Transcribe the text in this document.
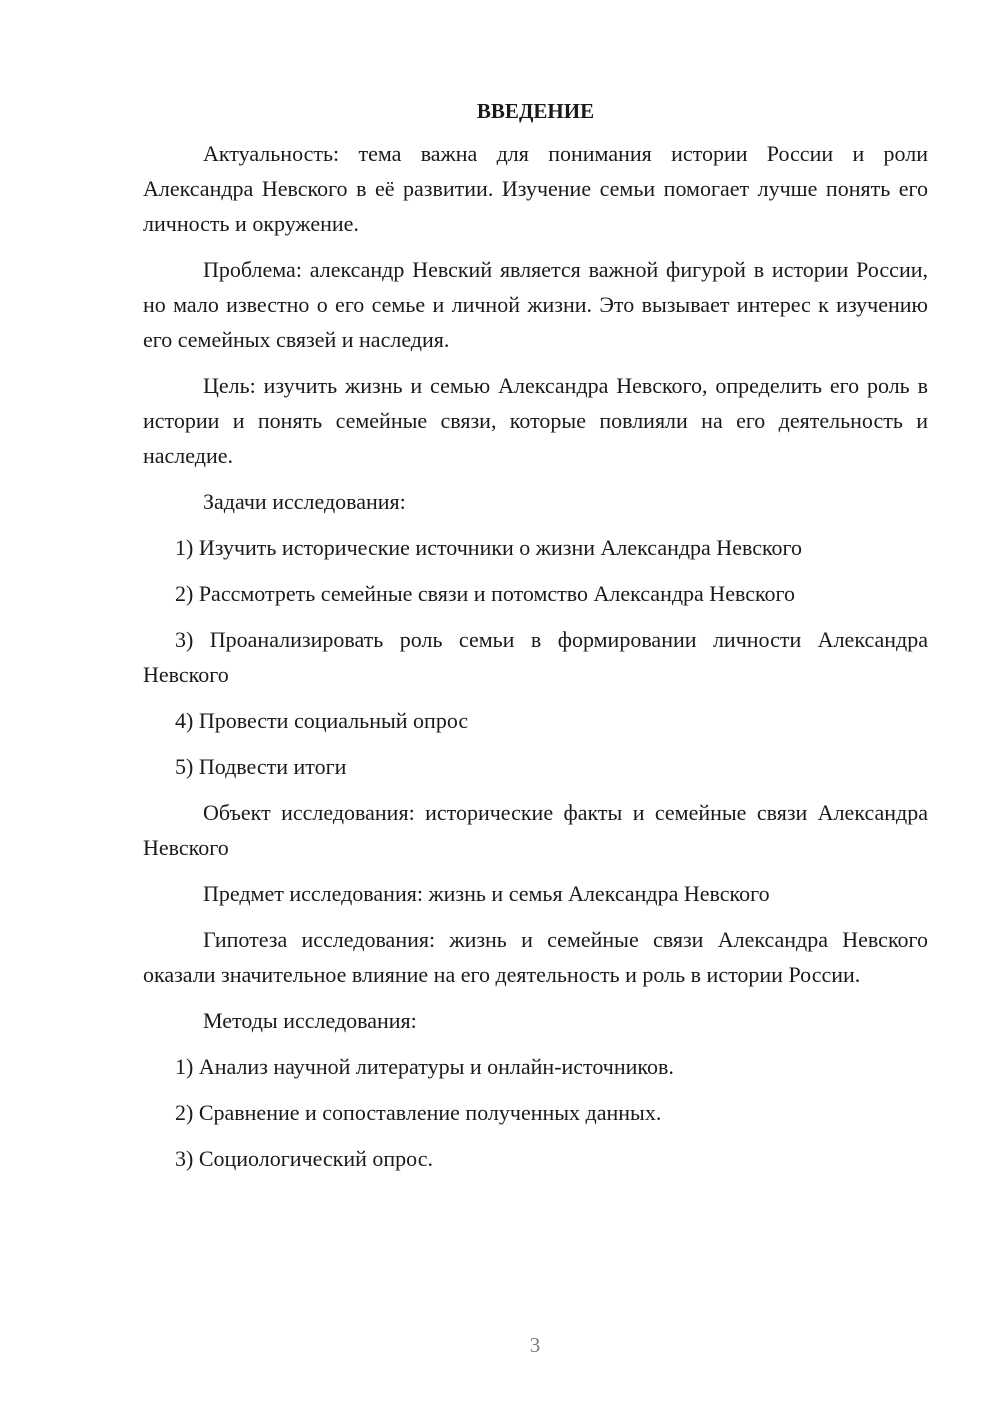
ВВЕДЕНИЕ

Актуальность: тема важна для понимания истории России и роли Александра Невского в её развитии. Изучение семьи помогает лучше понять его личность и окружение.

Проблема: александр Невский является важной фигурой в истории России, но мало известно о его семье и личной жизни. Это вызывает интерес к изучению его семейных связей и наследия.

Цель: изучить жизнь и семью Александра Невского, определить его роль в истории и понять семейные связи, которые повлияли на его деятельность и наследие.

Задачи исследования:

1) Изучить исторические источники о жизни Александра Невского

2) Рассмотреть семейные связи и потомство Александра Невского

3) Проанализировать роль семьи в формировании личности Александра Невского

4) Провести социальный опрос

5) Подвести итоги

Объект исследования: исторические факты и семейные связи Александра Невского

Предмет исследования: жизнь и семья Александра Невского

Гипотеза исследования: жизнь и семейные связи Александра Невского оказали значительное влияние на его деятельность и роль в истории России.

Методы исследования:

1) Анализ научной литературы и онлайн-источников.

2) Сравнение и сопоставление полученных данных.

3) Социологический опрос.

3
